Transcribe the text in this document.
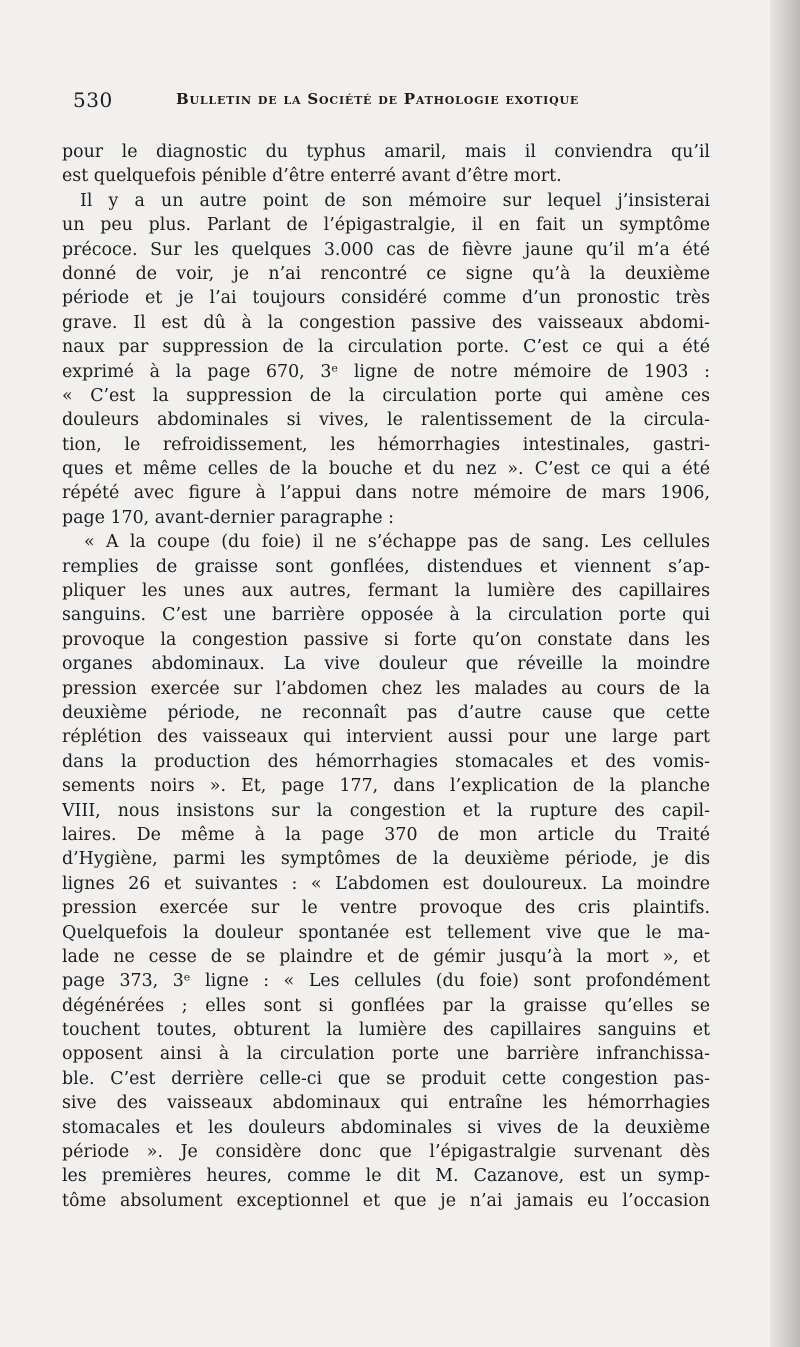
530	Bulletin de la Société de Pathologie exotique
pour le diagnostic du typhus amaril, mais il conviendra qu’il
est quelquefois pénible d’être enterré avant d’être mort.
Il y a un autre point de son mémoire sur lequel j’insisterai
un peu plus. Parlant de l’épigastralgie, il en fait un symptôme
précoce. Sur les quelques 3.000 cas de fièvre jaune qu’il m’a été
donné de voir, je n’ai rencontré ce signe qu’à la deuxième
période et je l’ai toujours considéré comme d’un pronostic très
grave. Il est dû à la congestion passive des vaisseaux abdomi-
naux par suppression de la circulation porte. C’est ce qui a été
exprimé à la page 670, 3ᵉ ligne de notre mémoire de 1903 :
« C’est la suppression de la circulation porte qui amène ces
douleurs abdominales si vives, le ralentissement de la circula-
tion, le refroidissement, les hémorrhagies intestinales, gastri-
ques et même celles de la bouche et du nez ». C’est ce qui a été
répété avec figure à l’appui dans notre mémoire de mars 1906,
page 170, avant-dernier paragraphe :
« A la coupe (du foie) il ne s’échappe pas de sang. Les cellules
remplies de graisse sont gonflées, distendues et viennent s’ap-
pliquer les unes aux autres, fermant la lumière des capillaires
sanguins. C’est une barrière opposée à la circulation porte qui
provoque la congestion passive si forte qu’on constate dans les
organes abdominaux. La vive douleur que réveille la moindre
pression exercée sur l’abdomen chez les malades au cours de la
deuxième période, ne reconnaît pas d’autre cause que cette
réplétion des vaisseaux qui intervient aussi pour une large part
dans la production des hémorrhagies stomacales et des vomis-
sements noirs ». Et, page 177, dans l’explication de la planche
VIII, nous insistons sur la congestion et la rupture des capil-
laires. De même à la page 370 de mon article du Traité
d’Hygiène, parmi les symptômes de la deuxième période, je dis
lignes 26 et suivantes : « L’abdomen est douloureux. La moindre
pression exercée sur le ventre provoque des cris plaintifs.
Quelquefois la douleur spontanée est tellement vive que le ma-
lade ne cesse de se plaindre et de gémir jusqu’à la mort », et
page 373, 3ᵉ ligne : « Les cellules (du foie) sont profondément
dégénérées ; elles sont si gonflées par la graisse qu’elles se
touchent toutes, obturent la lumière des capillaires sanguins et
opposent ainsi à la circulation porte une barrière infranchissa-
ble. C’est derrière celle-ci que se produit cette congestion pas-
sive des vaisseaux abdominaux qui entraîne les hémorrhagies
stomacales et les douleurs abdominales si vives de la deuxième
période ». Je considère donc que l’épigastralgie survenant dès
les premières heures, comme le dit M. Cazanove, est un symp-
tôme absolument exceptionnel et que je n’ai jamais eu l’occasion
